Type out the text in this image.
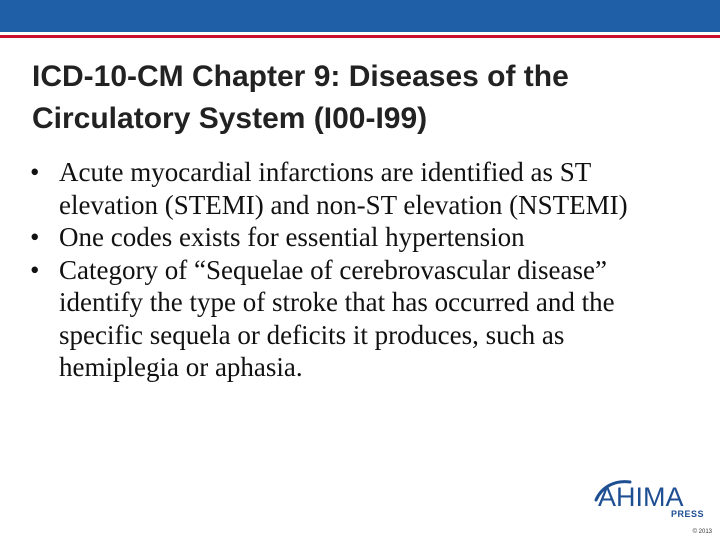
ICD-10-CM Chapter 9: Diseases of the Circulatory System (I00-I99)
• Acute myocardial infarctions are identified as ST elevation (STEMI) and non-ST elevation (NSTEMI)
• One codes exists for essential hypertension
• Category of “Sequelae of cerebrovascular disease” identify the type of stroke that has occurred and the specific sequela or deficits it produces, such as hemiplegia or aphasia.
AHIMA
PRESS
© 2013
